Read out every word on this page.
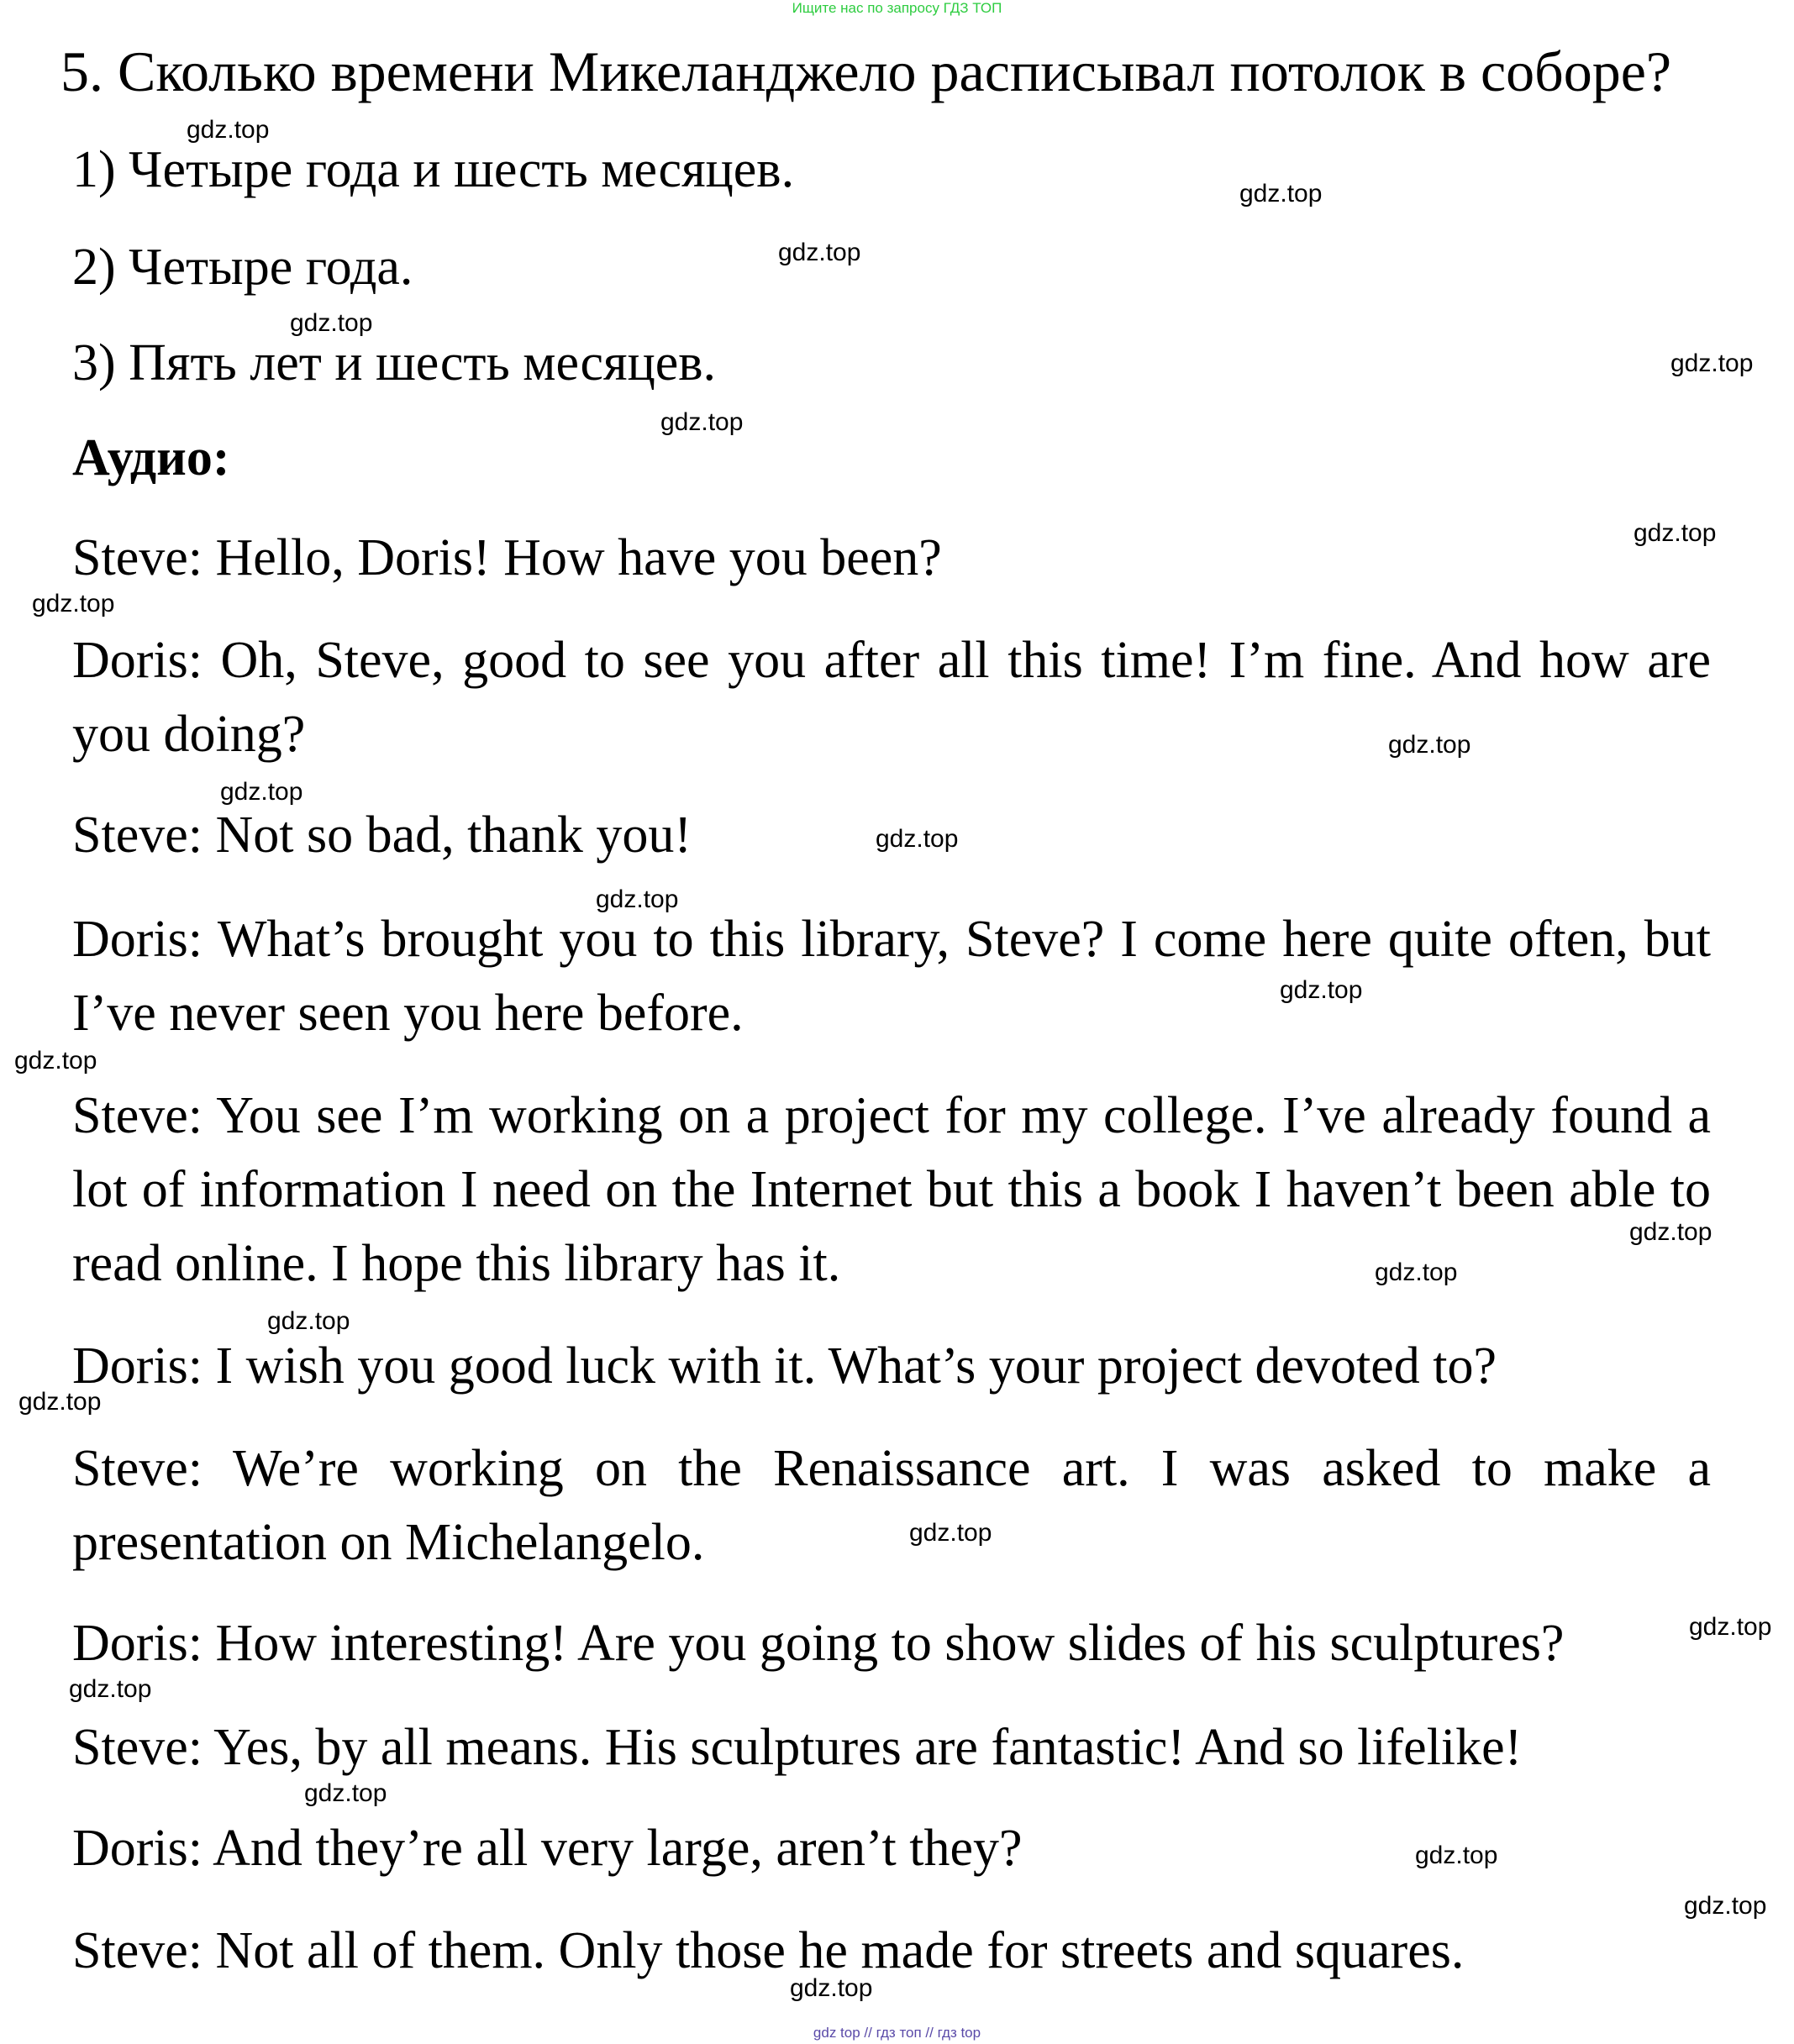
Ищите нас по запросу ГДЗ ТОП
5. Сколько времени Микеланджело расписывал потолок в соборе?
1) Четыре года и шесть месяцев.
2) Четыре года.
3) Пять лет и шесть месяцев.
Аудио:
Steve: Hello, Doris! How have you been?
Doris: Oh, Steve, good to see you after all this time! I’m fine. And how are you doing?
Steve: Not so bad, thank you!
Doris: What’s brought you to this library, Steve? I come here quite often, but I’ve never seen you here before.
Steve: You see I’m working on a project for my college. I’ve already found a lot of information I need on the Internet but this a book I haven’t been able to read online. I hope this library has it.
Doris: I wish you good luck with it. What’s your project devoted to?
Steve: We’re working on the Renaissance art. I was asked to make a presentation on Michelangelo.
Doris: How interesting! Are you going to show slides of his sculptures?
Steve: Yes, by all means. His sculptures are fantastic! And so lifelike!
Doris: And they’re all very large, aren’t they?
Steve: Not all of them. Only those he made for streets and squares.
gdz.top
gdz.top
gdz.top
gdz.top
gdz.top
gdz.top
gdz.top
gdz.top
gdz.top
gdz.top
gdz.top
gdz.top
gdz.top
gdz.top
gdz.top
gdz.top
gdz.top
gdz.top
gdz.top
gdz.top
gdz.top
gdz.top
gdz.top
gdz.top
gdz.top
gdz top // гдз топ // гдз top
